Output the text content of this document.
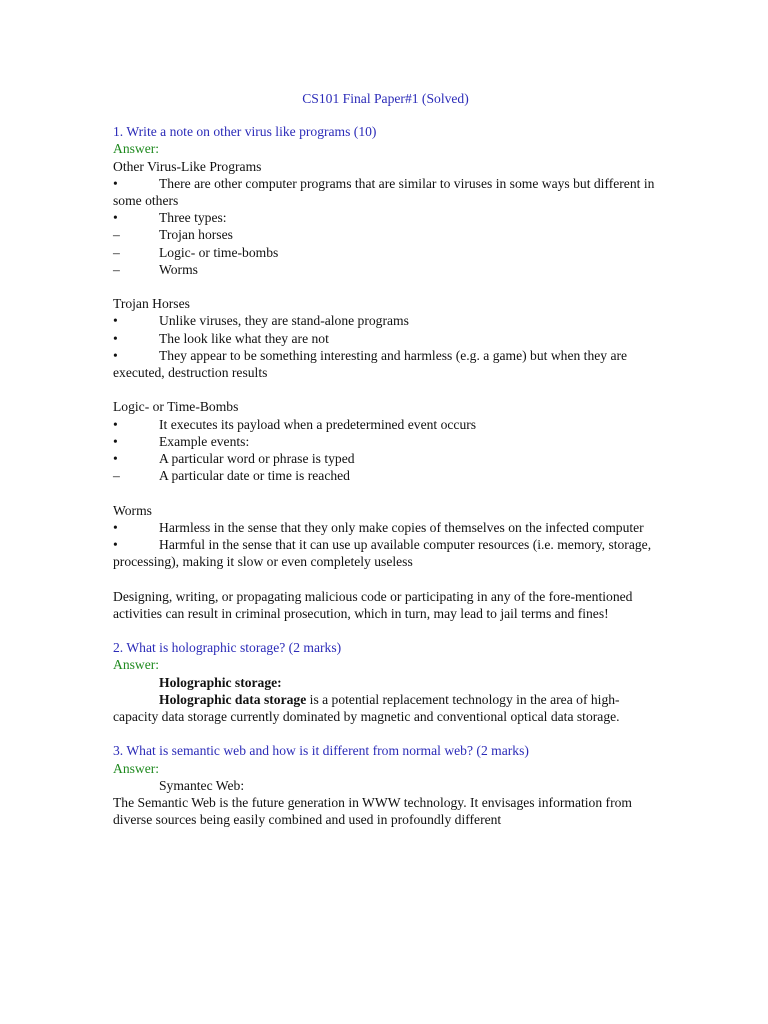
CS101 Final Paper#1 (Solved)
1. Write a note on other virus like programs (10)
Answer:
Other Virus-Like Programs
•	There are other computer programs that are similar to viruses in some ways but different in some others
•	Three types:
–	Trojan horses
–	Logic- or time-bombs
–	Worms
Trojan Horses
•	Unlike viruses, they are stand-alone programs
•	The look like what they are not
•	They appear to be something interesting and harmless (e.g. a game) but when they are executed, destruction results
Logic- or Time-Bombs
•	It executes its payload when a predetermined event occurs
•	Example events:
•	A particular word or phrase is typed
–	A particular date or time is reached
Worms
•	Harmless in the sense that they only make copies of themselves on the infected computer
•	Harmful in the sense that it can use up available computer resources (i.e. memory, storage, processing), making it slow or even completely useless
Designing, writing, or propagating malicious code or participating in any of the fore-mentioned activities can result in criminal prosecution, which in turn, may lead to jail terms and fines!
2. What is holographic storage? (2 marks)
Answer:
Holographic storage:
Holographic data storage is a potential replacement technology in the area of high-capacity data storage currently dominated by magnetic and conventional optical data storage.
3. What is semantic web and how is it different from normal web? (2 marks)
Answer:
Symantec Web:
The Semantic Web is the future generation in WWW technology. It envisages information from diverse sources being easily combined and used in profoundly different
